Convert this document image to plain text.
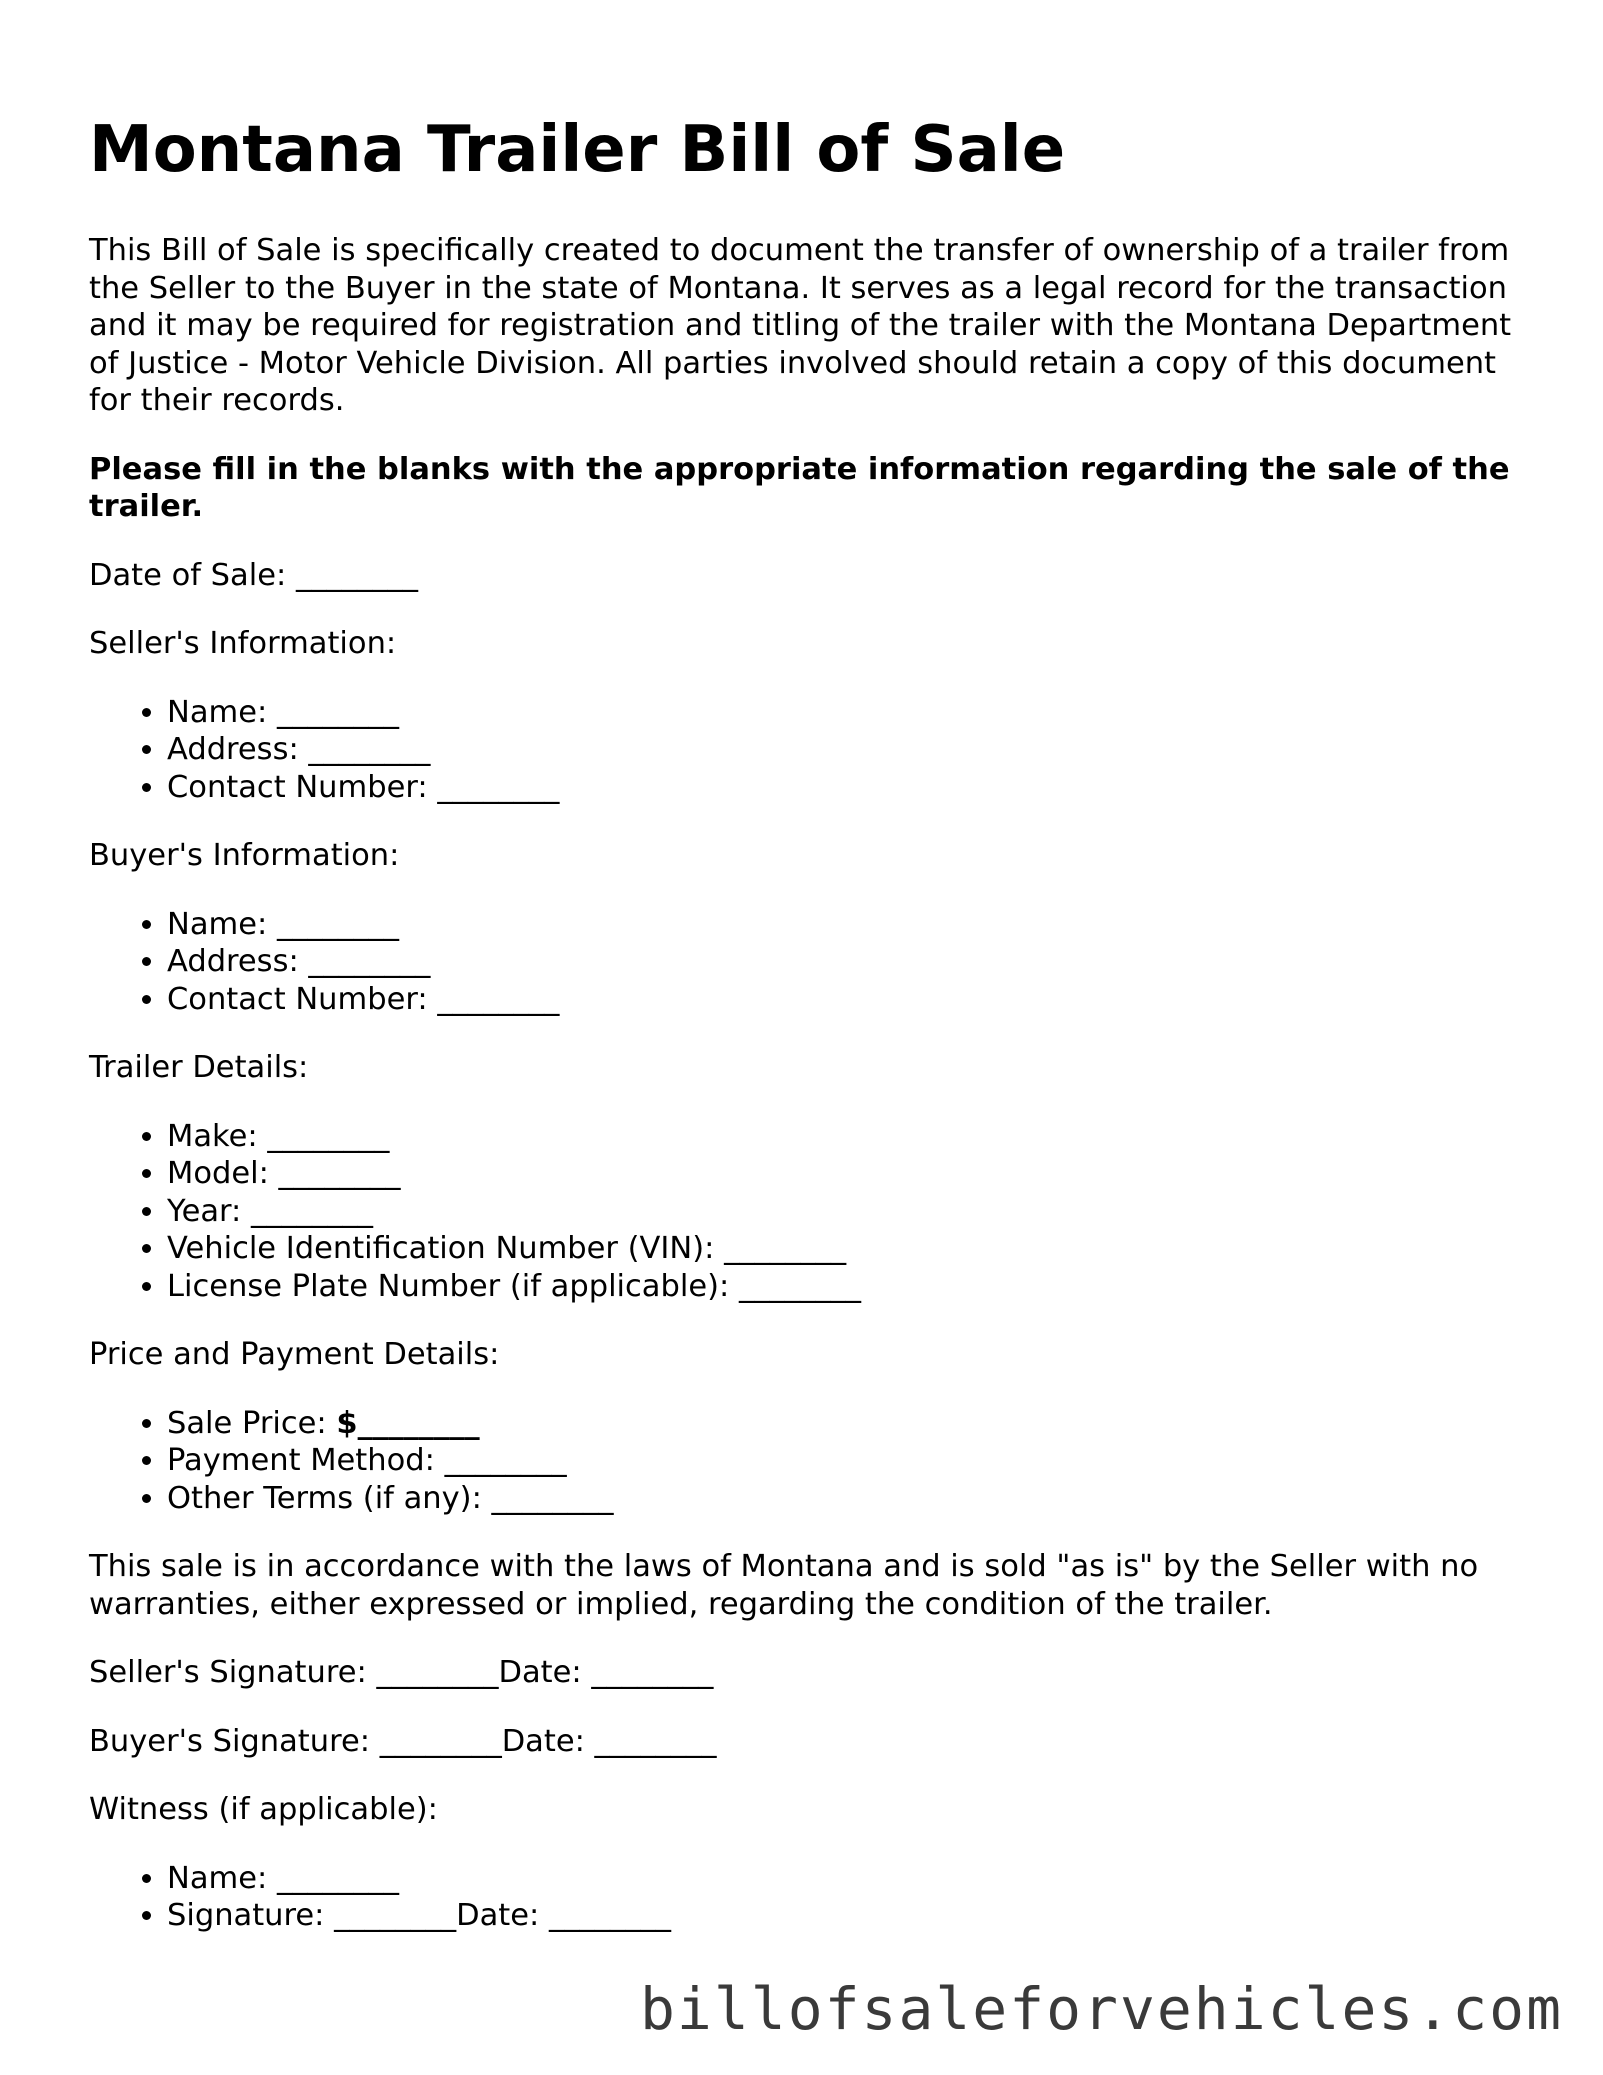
Montana Trailer Bill of Sale

This Bill of Sale is specifically created to document the transfer of ownership of a trailer from the Seller to the Buyer in the state of Montana. It serves as a legal record for the transaction and it may be required for registration and titling of the trailer with the Montana Department of Justice - Motor Vehicle Division. All parties involved should retain a copy of this document for their records.

Please fill in the blanks with the appropriate information regarding the sale of the trailer.

Date of Sale: ________

Seller's Information:

• Name: ________
• Address: ________
• Contact Number: ________

Buyer's Information:

• Name: ________
• Address: ________
• Contact Number: ________

Trailer Details:

• Make: ________
• Model: ________
• Year: ________
• Vehicle Identification Number (VIN): ________
• License Plate Number (if applicable): ________

Price and Payment Details:

• Sale Price: $________
• Payment Method: ________
• Other Terms (if any): ________

This sale is in accordance with the laws of Montana and is sold "as is" by the Seller with no warranties, either expressed or implied, regarding the condition of the trailer.

Seller's Signature: ________Date: ________

Buyer's Signature: ________Date: ________

Witness (if applicable):

• Name: ________
• Signature: ________Date: ________
billofsaleforvehicles.com
